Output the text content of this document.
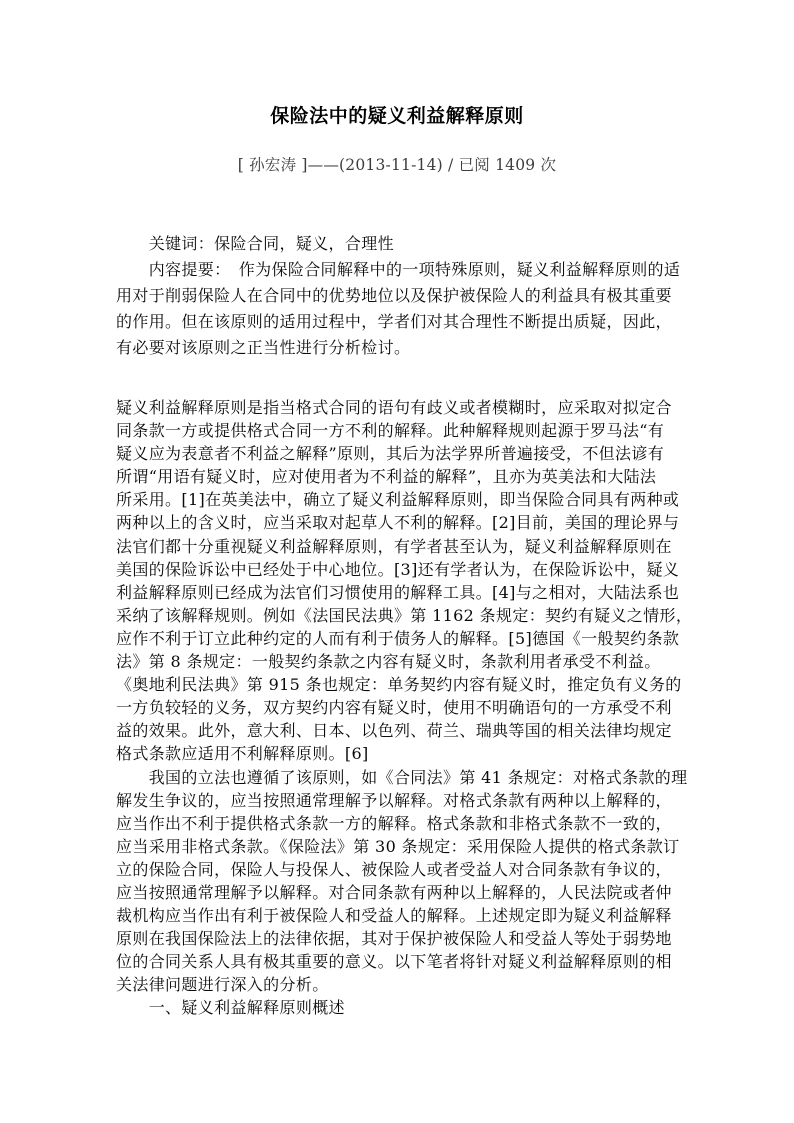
保险法中的疑义利益解释原则
[ 孙宏涛 ]——(2013-11-14) / 已阅 1409 次
　　关键词：保险合同，疑义，合理性
　　内容提要：　作为保险合同解释中的一项特殊原则，疑义利益解释原则的适
用对于削弱保险人在合同中的优势地位以及保护被保险人的利益具有极其重要
的作用。但在该原则的适用过程中，学者们对其合理性不断提出质疑，因此，
有必要对该原则之正当性进行分析检讨。
疑义利益解释原则是指当格式合同的语句有歧义或者模糊时，应采取对拟定合
同条款一方或提供格式合同一方不利的解释。此种解释规则起源于罗马法“有
疑义应为表意者不利益之解释”原则，其后为法学界所普遍接受，不但法谚有
所谓“用语有疑义时，应对使用者为不利益的解释”，且亦为英美法和大陆法
所采用。[1]在英美法中，确立了疑义利益解释原则，即当保险合同具有两种或
两种以上的含义时，应当采取对起草人不利的解释。[2]目前，美国的理论界与
法官们都十分重视疑义利益解释原则，有学者甚至认为，疑义利益解释原则在
美国的保险诉讼中已经处于中心地位。[3]还有学者认为，在保险诉讼中，疑义
利益解释原则已经成为法官们习惯使用的解释工具。[4]与之相对，大陆法系也
采纳了该解释规则。例如《法国民法典》第 1162 条规定：契约有疑义之情形，
应作不利于订立此种约定的人而有利于债务人的解释。[5]德国《一般契约条款
法》第 8 条规定：一般契约条款之内容有疑义时，条款利用者承受不利益。
《奥地利民法典》第 915 条也规定：单务契约内容有疑义时，推定负有义务的
一方负较轻的义务，双方契约内容有疑义时，使用不明确语句的一方承受不利
益的效果。此外，意大利、日本、以色列、荷兰、瑞典等国的相关法律均规定
格式条款应适用不利解释原则。[6]
　　我国的立法也遵循了该原则，如《合同法》第 41 条规定：对格式条款的理
解发生争议的，应当按照通常理解予以解释。对格式条款有两种以上解释的，
应当作出不利于提供格式条款一方的解释。格式条款和非格式条款不一致的，
应当采用非格式条款。《保险法》第 30 条规定：采用保险人提供的格式条款订
立的保险合同，保险人与投保人、被保险人或者受益人对合同条款有争议的，
应当按照通常理解予以解释。对合同条款有两种以上解释的，人民法院或者仲
裁机构应当作出有利于被保险人和受益人的解释。上述规定即为疑义利益解释
原则在我国保险法上的法律依据，其对于保护被保险人和受益人等处于弱势地
位的合同关系人具有极其重要的意义。以下笔者将针对疑义利益解释原则的相
关法律问题进行深入的分析。
　　一、疑义利益解释原则概述
